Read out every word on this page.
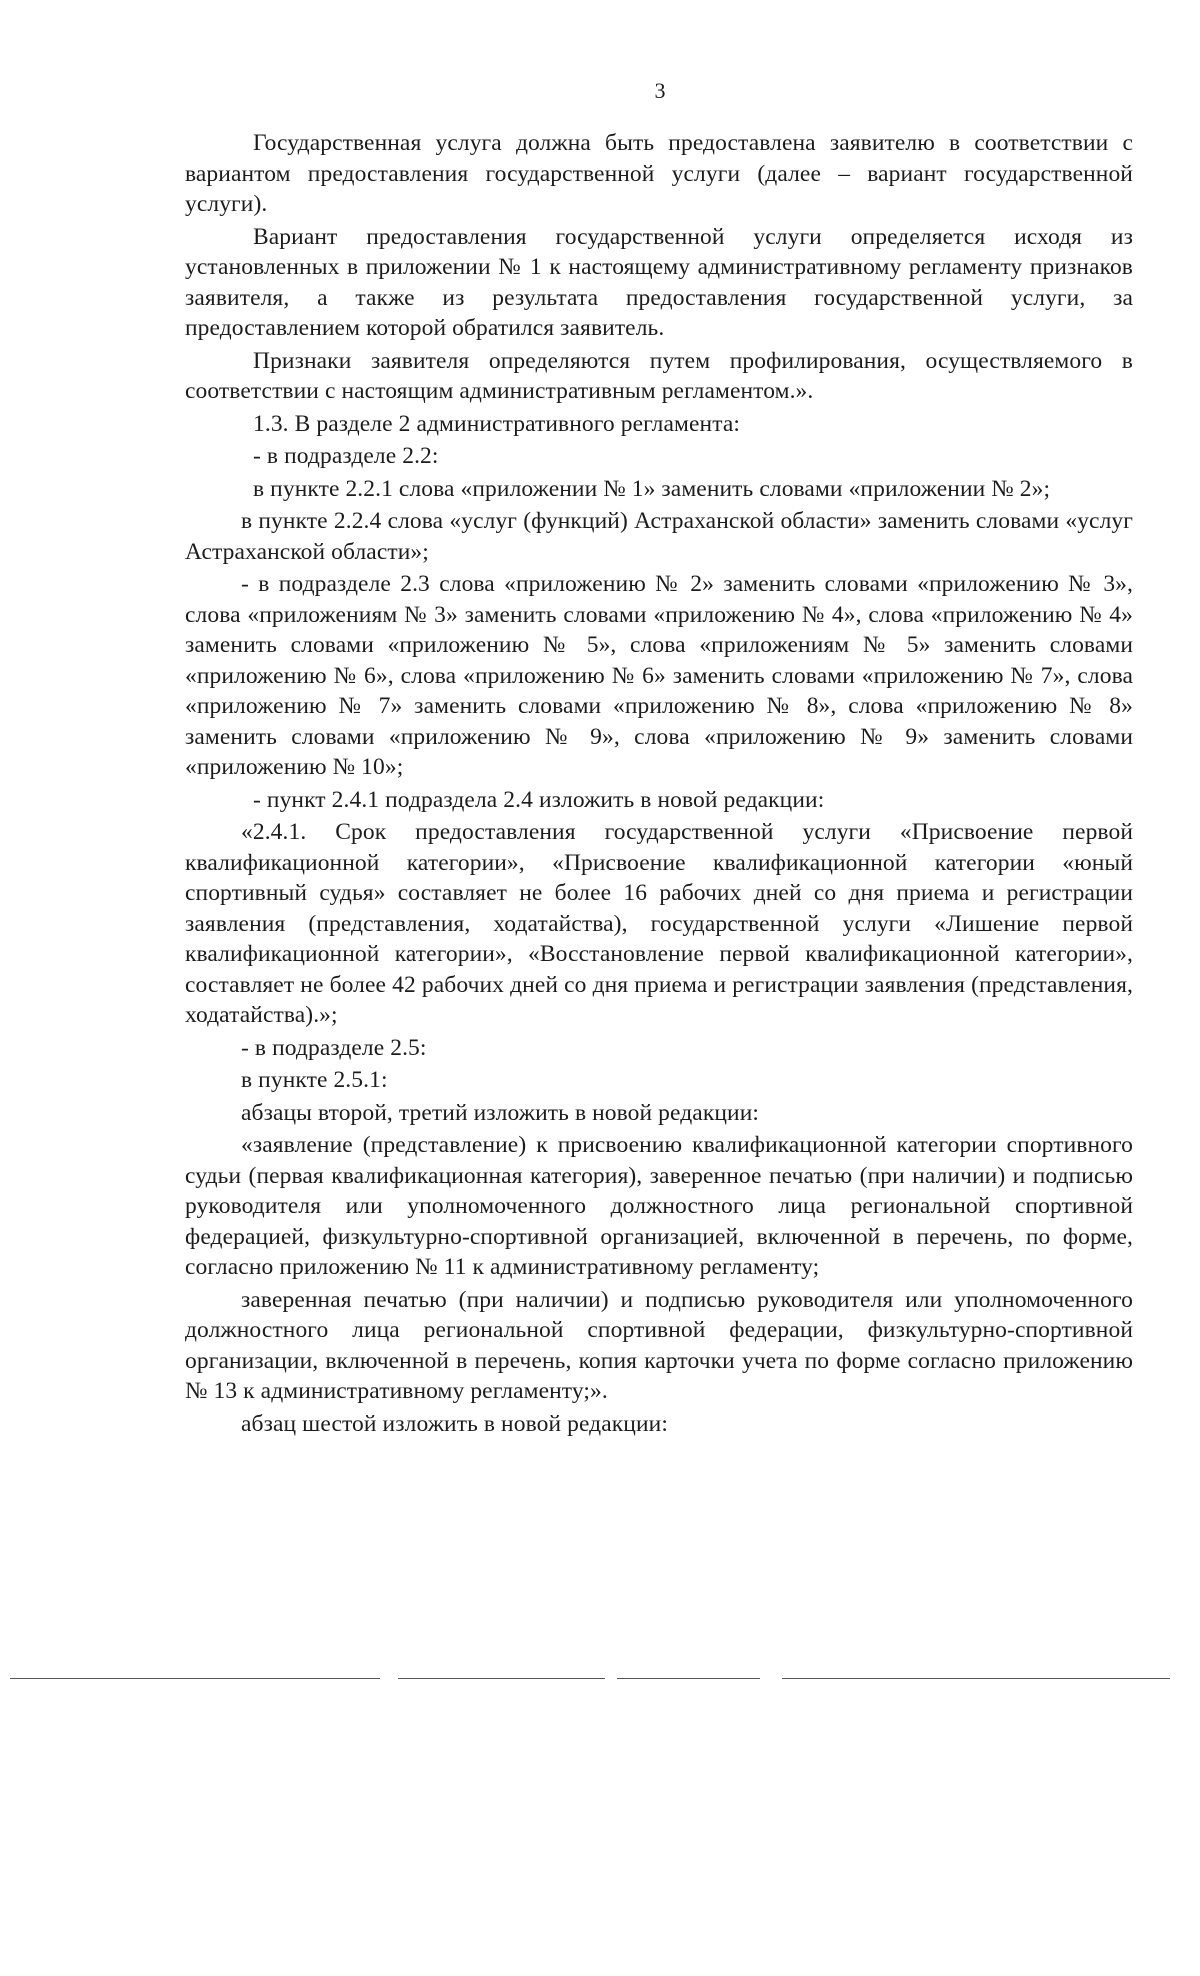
3

Государственная услуга должна быть предоставлена заявителю в соответствии с вариантом предоставления государственной услуги (далее – вариант государственной услуги).

Вариант предоставления государственной услуги определяется исходя из установленных в приложении № 1 к настоящему административному регламенту признаков заявителя, а также из результата предоставления государственной услуги, за предоставлением которой обратился заявитель.

Признаки заявителя определяются путем профилирования, осуществляемого в соответствии с настоящим административным регламентом.».

1.3. В разделе 2 административного регламента:

- в подразделе 2.2:

в пункте 2.2.1 слова «приложении № 1» заменить словами «приложении № 2»;

в пункте 2.2.4 слова «услуг (функций) Астраханской области» заменить словами «услуг Астраханской области»;

- в подразделе 2.3 слова «приложению № 2» заменить словами «приложению № 3», слова «приложениям № 3» заменить словами «приложению № 4», слова «приложению № 4» заменить словами «приложению № 5», слова «приложениям № 5» заменить словами «приложению № 6», слова «приложению № 6» заменить словами «приложению № 7», слова «приложению № 7» заменить словами «приложению № 8», слова «приложению № 8» заменить словами «приложению № 9», слова «приложению № 9» заменить словами «приложению № 10»;

- пункт 2.4.1 подраздела 2.4 изложить в новой редакции:

«2.4.1. Срок предоставления государственной услуги «Присвоение первой квалификационной категории», «Присвоение квалификационной категории «юный спортивный судья» составляет не более 16 рабочих дней со дня приема и регистрации заявления (представления, ходатайства), государственной услуги «Лишение первой квалификационной категории», «Восстановление первой квалификационной категории», составляет не более 42 рабочих дней со дня приема и регистрации заявления (представления, ходатайства).»;

- в подразделе 2.5:

в пункте 2.5.1:

абзацы второй, третий изложить в новой редакции:

«заявление (представление) к присвоению квалификационной категории спортивного судьи (первая квалификационная категория), заверенное печатью (при наличии) и подписью руководителя или уполномоченного должностного лица региональной спортивной федерацией, физкультурно-спортивной организацией, включенной в перечень, по форме, согласно приложению № 11 к административному регламенту;

заверенная печатью (при наличии) и подписью руководителя или уполномоченного должностного лица региональной спортивной федерации, физкультурно-спортивной организации, включенной в перечень, копия карточки учета по форме согласно приложению № 13 к административному регламенту;».

абзац шестой изложить в новой редакции:
